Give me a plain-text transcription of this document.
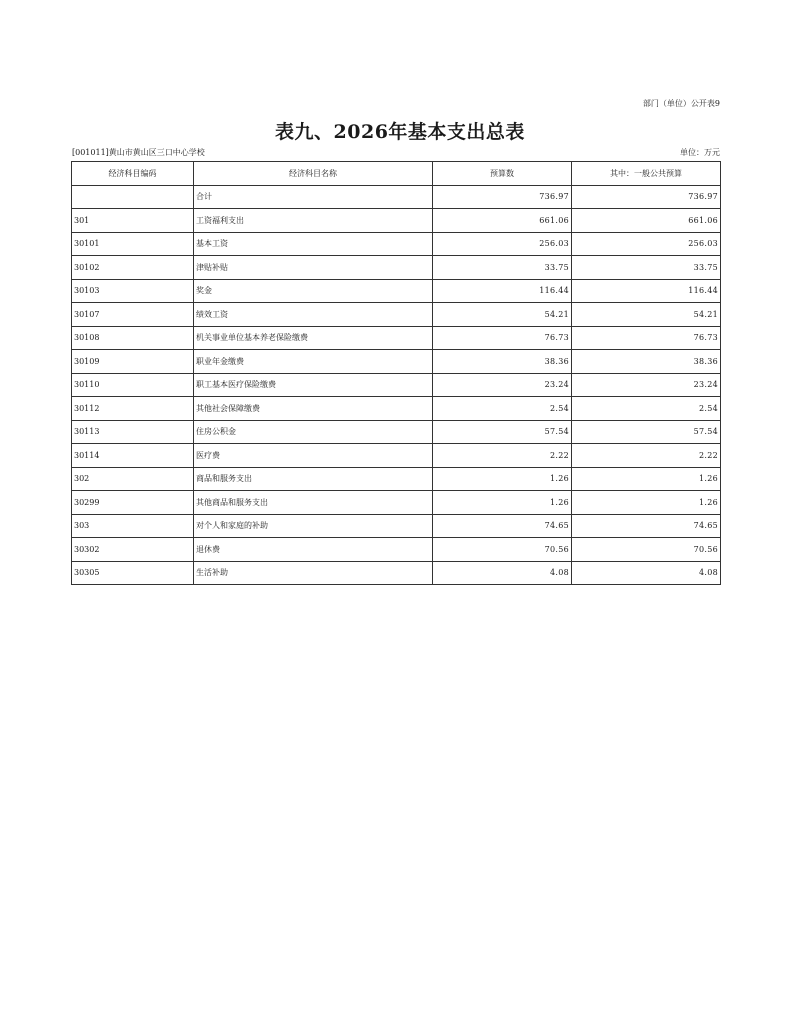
部门（单位）公开表9
表九、2026年基本支出总表
[001011]黄山市黄山区三口中心学校	单位：万元
经济科目编码	经济科目名称	预算数	其中：一般公共预算
	合计	736.97	736.97
301	工资福利支出	661.06	661.06
30101	基本工资	256.03	256.03
30102	津贴补贴	33.75	33.75
30103	奖金	116.44	116.44
30107	绩效工资	54.21	54.21
30108	机关事业单位基本养老保险缴费	76.73	76.73
30109	职业年金缴费	38.36	38.36
30110	职工基本医疗保险缴费	23.24	23.24
30112	其他社会保障缴费	2.54	2.54
30113	住房公积金	57.54	57.54
30114	医疗费	2.22	2.22
302	商品和服务支出	1.26	1.26
30299	其他商品和服务支出	1.26	1.26
303	对个人和家庭的补助	74.65	74.65
30302	退休费	70.56	70.56
30305	生活补助	4.08	4.08
